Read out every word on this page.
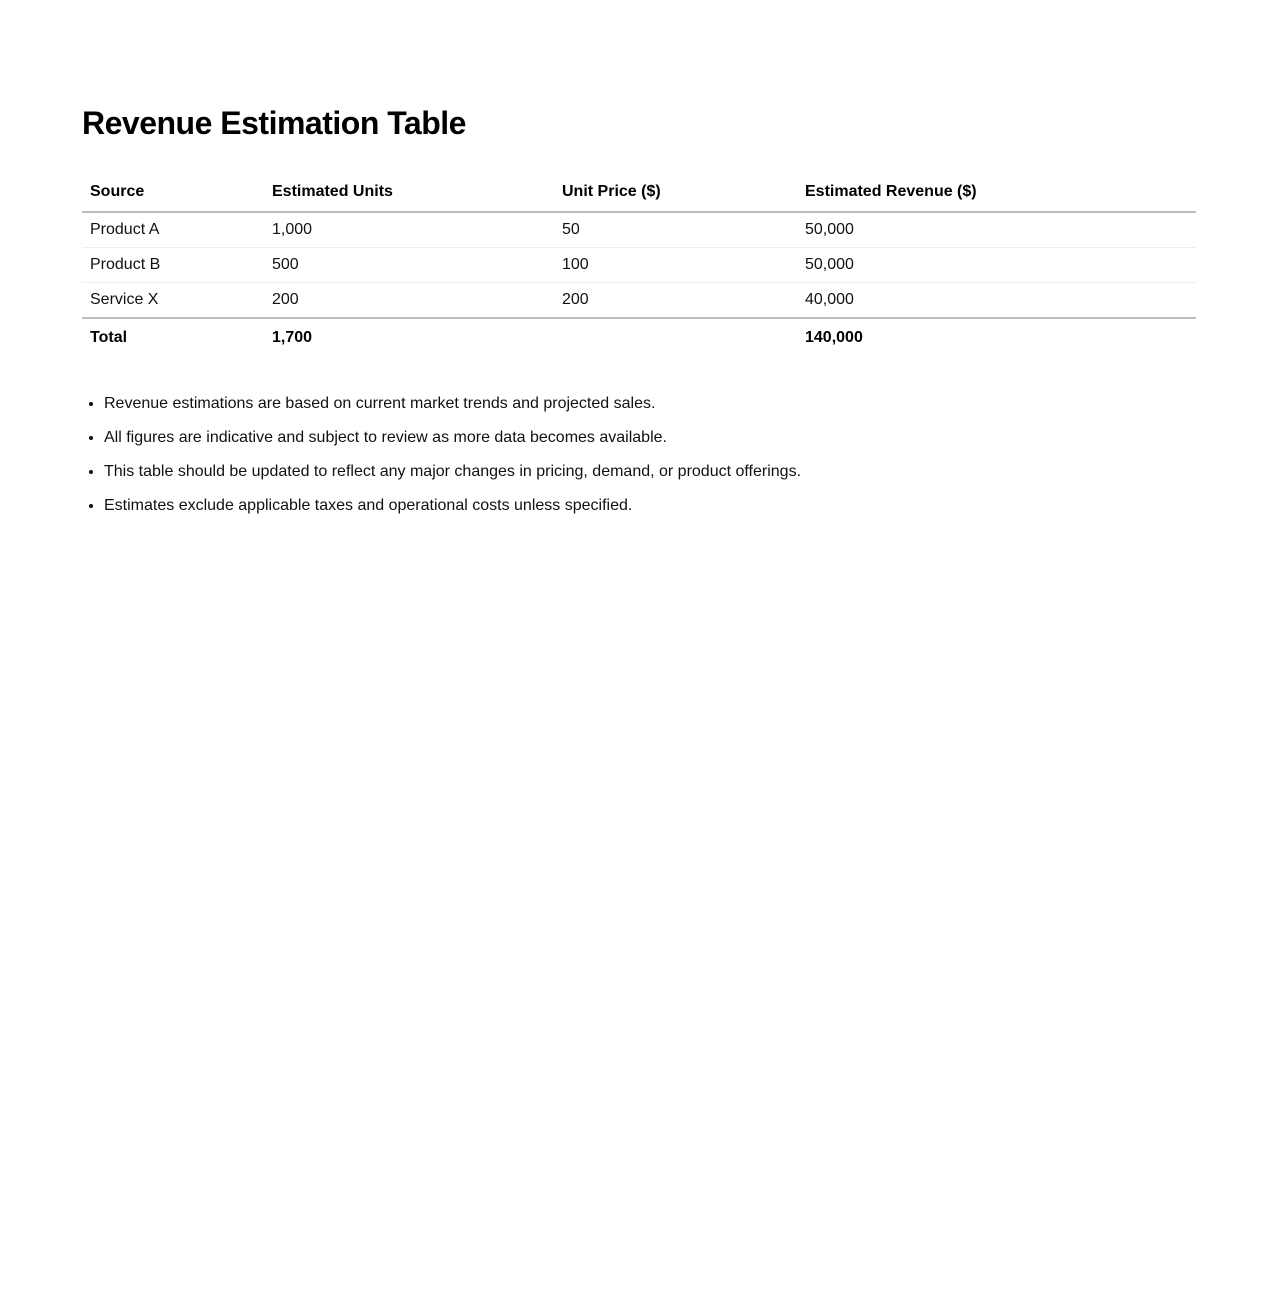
Revenue Estimation Table
Source	Estimated Units	Unit Price ($)	Estimated Revenue ($)
Product A	1,000	50	50,000
Product B	500	100	50,000
Service X	200	200	40,000
Total	1,700		140,000
• Revenue estimations are based on current market trends and projected sales.
• All figures are indicative and subject to review as more data becomes available.
• This table should be updated to reflect any major changes in pricing, demand, or product offerings.
• Estimates exclude applicable taxes and operational costs unless specified.
